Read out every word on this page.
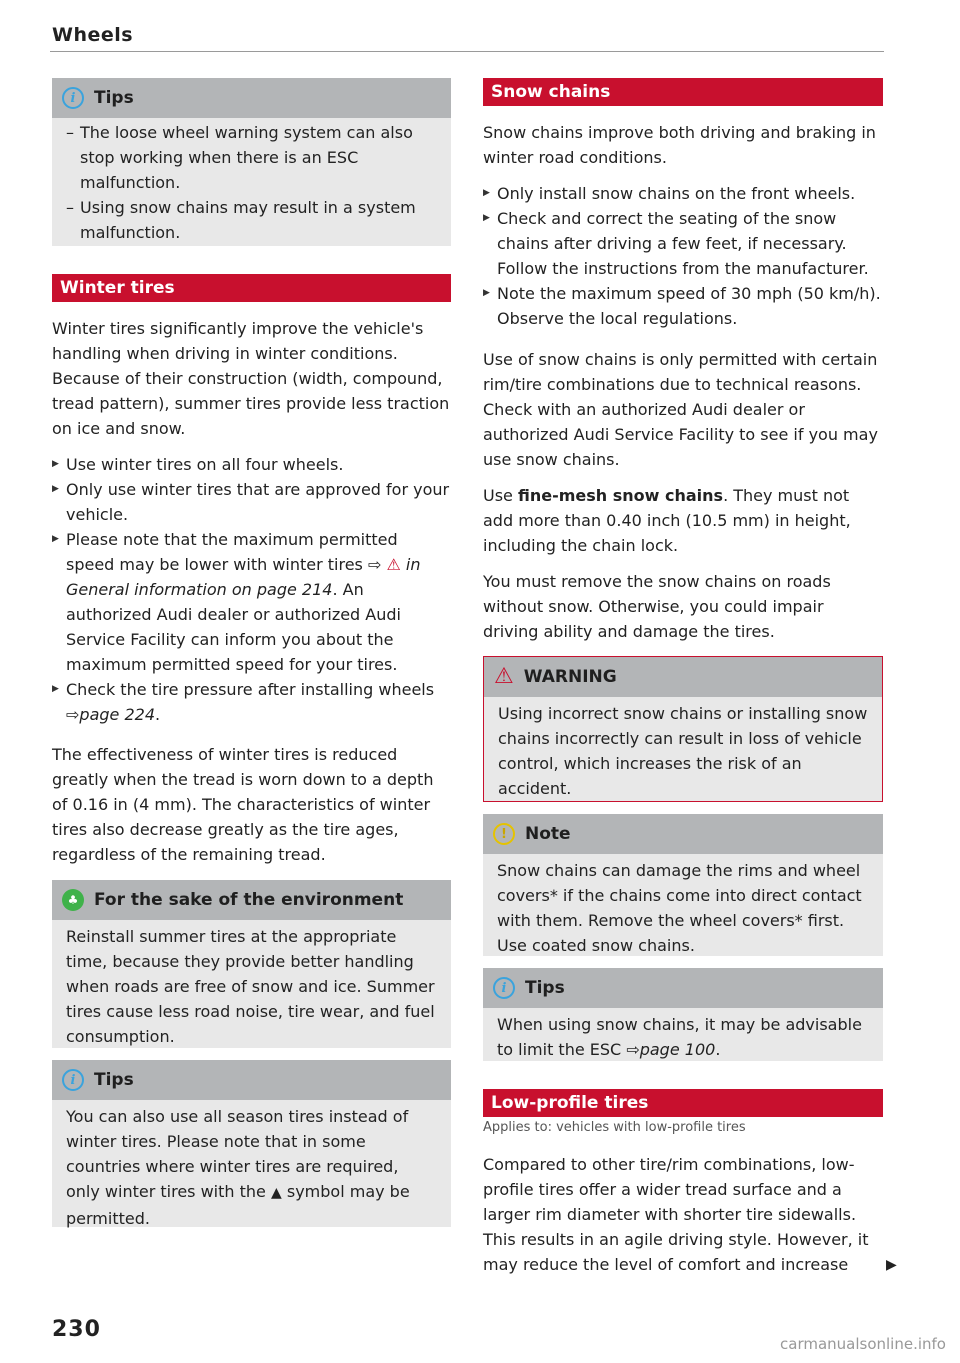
Wheels
i	Tips
– The loose wheel warning system can also stop working when there is an ESC malfunction.
– Using snow chains may result in a system malfunction.
Winter tires

Winter tires significantly improve the vehicle's handling when driving in winter conditions. Because of their construction (width, compound, tread pattern), summer tires provide less traction on ice and snow.

▶ Use winter tires on all four wheels.
▶ Only use winter tires that are approved for your vehicle.
▶ Please note that the maximum permitted speed may be lower with winter tires ⇨ ⚠ in General information on page 214. An authorized Audi dealer or authorized Audi Service Facility can inform you about the maximum permitted speed for your tires.
▶ Check the tire pressure after installing wheels ⇨page 224.

The effectiveness of winter tires is reduced greatly when the tread is worn down to a depth of 0.16 in (4 mm). The characteristics of winter tires also decrease greatly as the tire ages, regardless of the remaining tread.

♣ For the sake of the environment

Reinstall summer tires at the appropriate time, because they provide better handling when roads are free of snow and ice. Summer tires cause less road noise, tire wear, and fuel consumption.

i	Tips

You can also use all season tires instead of winter tires. Please note that in some countries where winter tires are required, only winter tires with the ▲ symbol may be permitted.

230
Snow chains

Snow chains improve both driving and braking in winter road conditions.

▶ Only install snow chains on the front wheels.
▶ Check and correct the seating of the snow chains after driving a few feet, if necessary. Follow the instructions from the manufacturer.
▶ Note the maximum speed of 30 mph (50 km/h). Observe the local regulations.

Use of snow chains is only permitted with certain rim/tire combinations due to technical reasons. Check with an authorized Audi dealer or authorized Audi Service Facility to see if you may use snow chains.

Use fine-mesh snow chains. They must not add more than 0.40 inch (10.5 mm) in height, including the chain lock.

You must remove the snow chains on roads without snow. Otherwise, you could impair driving ability and damage the tires.

⚠ WARNING

Using incorrect snow chains or installing snow chains incorrectly can result in loss of vehicle control, which increases the risk of an accident.

!	Note

Snow chains can damage the rims and wheel covers* if the chains come into direct contact with them. Remove the wheel covers* first. Use coated snow chains.

i	Tips

When using snow chains, it may be advisable to limit the ESC ⇨page 100.

Low-profile tires
Applies to: vehicles with low-profile tires

Compared to other tire/rim combinations, low-profile tires offer a wider tread surface and a larger rim diameter with shorter tire sidewalls. This results in an agile driving style. However, it may reduce the level of comfort and increase	▶
carmanualsonline.info
